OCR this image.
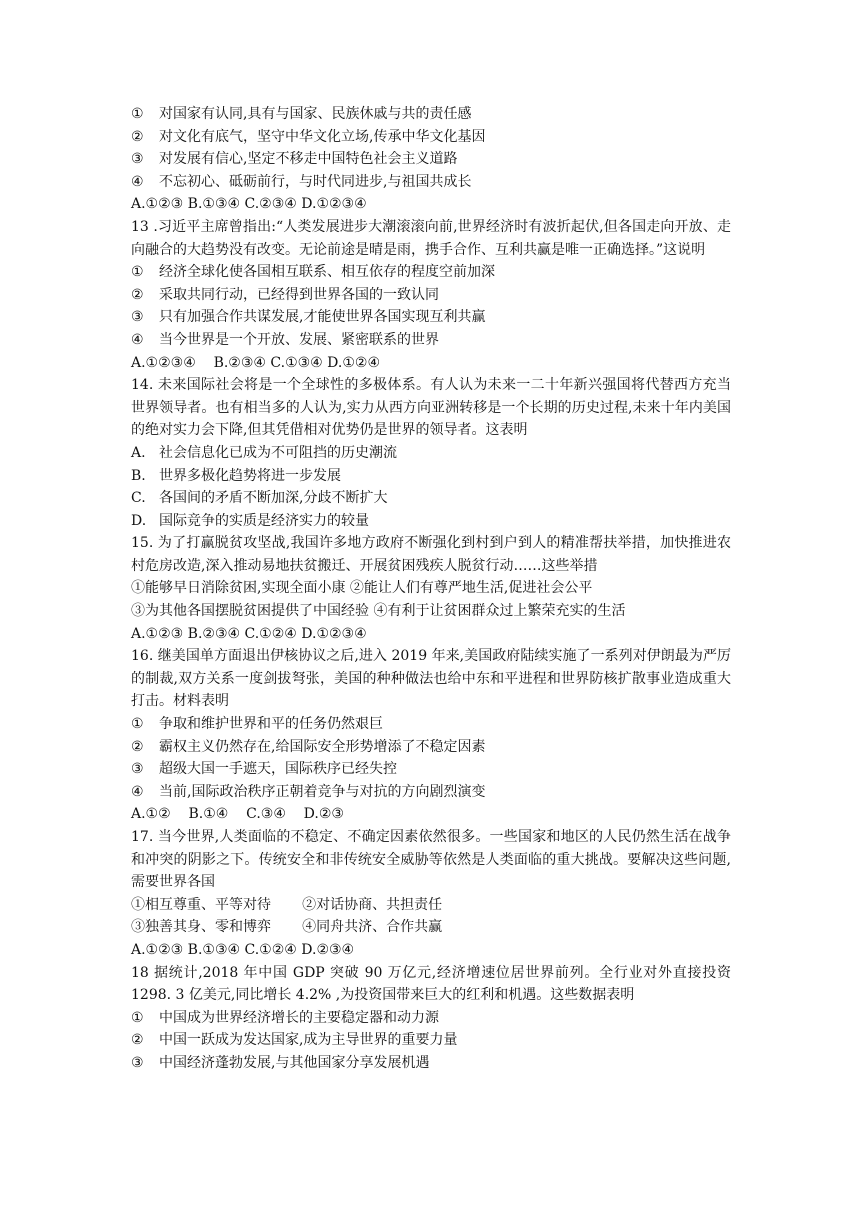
①	对国家有认同,具有与国家、民族休戚与共的责任感
②	对文化有底气，坚守中华文化立场,传承中华文化基因
③	对发展有信心,坚定不移走中国特色社会主义道路
④	不忘初心、砥砺前行，与时代同进步,与祖国共成长
A.①②③ B.①③④ C.②③④ D.①②③④
13 .习近平主席曾指出:“人类发展进步大潮滚滚向前,世界经济时有波折起伏,但各国走向开放、走向融合的大趋势没有改变。无论前途是晴是雨，携手合作、互利共赢是唯一正确选择。”这说明
①	经济全球化使各国相互联系、相互依存的程度空前加深
②	采取共同行动，已经得到世界各国的一致认同
③	只有加强合作共谋发展,才能使世界各国实现互利共赢
④	当今世界是一个开放、发展、紧密联系的世界
A.①②③④    B.②③④ C.①③④ D.①②④
14. 未来国际社会将是一个全球性的多极体系。有人认为未来一二十年新兴强国将代替西方充当世界领导者。也有相当多的人认为,实力从西方向亚洲转移是一个长期的历史过程,未来十年内美国的绝对实力会下降,但其凭借相对优势仍是世界的领导者。这表明
A. 社会信息化已成为不可阻挡的历史潮流
B. 世界多极化趋势将进一步发展
C. 各国间的矛盾不断加深,分歧不断扩大
D. 国际竞争的实质是经济实力的较量
15. 为了打赢脱贫攻坚战,我国许多地方政府不断强化到村到户到人的精准帮扶举措，加快推进农村危房改造,深入推动易地扶贫搬迁、开展贫困残疾人脱贫行动……这些举措
①能够早日消除贫困,实现全面小康 ②能让人们有尊严地生活,促进社会公平
③为其他各国摆脱贫困提供了中国经验 ④有利于让贫困群众过上繁荣充实的生活
A.①②③ B.②③④ C.①②④ D.①②③④
16. 继美国单方面退出伊核协议之后,进入 2019 年来,美国政府陆续实施了一系列对伊朗最为严厉的制裁,双方关系一度剑拔弩张，美国的种种做法也给中东和平进程和世界防核扩散事业造成重大打击。材料表明
①	争取和维护世界和平的任务仍然艰巨
②	霸权主义仍然存在,给国际安全形势增添了不稳定因素
③	超级大国一手遮天，国际秩序已经失控
④	当前,国际政治秩序正朝着竞争与对抗的方向剧烈演变
A.①②    B.①④    C.③④    D.②③
17. 当今世界,人类面临的不稳定、不确定因素依然很多。一些国家和地区的人民仍然生活在战争和冲突的阴影之下。传统安全和非传统安全威胁等依然是人类面临的重大挑战。要解决这些问题,需要世界各国
①相互尊重、平等对待       ②对话协商、共担责任
③独善其身、零和博弈       ④同舟共济、合作共赢
A.①②③ B.①③④ C.①②④ D.②③④
18 据统计,2018 年中国 GDP 突破 90 万亿元,经济增速位居世界前列。全行业对外直接投资 1298. 3 亿美元,同比增长 4.2% ,为投资国带来巨大的红利和机遇。这些数据表明
①	中国成为世界经济增长的主要稳定器和动力源
②	中国一跃成为发达国家,成为主导世界的重要力量
③	中国经济蓬勃发展,与其他国家分享发展机遇
